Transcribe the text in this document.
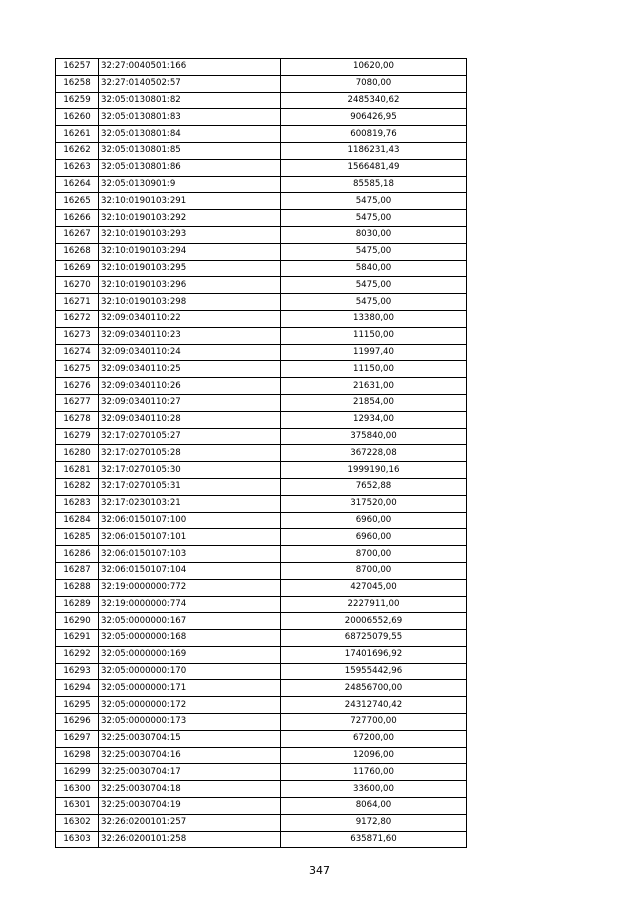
16257	32:27:0040501:166	10620,00
16258	32:27:0140502:57	7080,00
16259	32:05:0130801:82	2485340,62
16260	32:05:0130801:83	906426,95
16261	32:05:0130801:84	600819,76
16262	32:05:0130801:85	1186231,43
16263	32:05:0130801:86	1566481,49
16264	32:05:0130901:9	85585,18
16265	32:10:0190103:291	5475,00
16266	32:10:0190103:292	5475,00
16267	32:10:0190103:293	8030,00
16268	32:10:0190103:294	5475,00
16269	32:10:0190103:295	5840,00
16270	32:10:0190103:296	5475,00
16271	32:10:0190103:298	5475,00
16272	32:09:0340110:22	13380,00
16273	32:09:0340110:23	11150,00
16274	32:09:0340110:24	11997,40
16275	32:09:0340110:25	11150,00
16276	32:09:0340110:26	21631,00
16277	32:09:0340110:27	21854,00
16278	32:09:0340110:28	12934,00
16279	32:17:0270105:27	375840,00
16280	32:17:0270105:28	367228,08
16281	32:17:0270105:30	1999190,16
16282	32:17:0270105:31	7652,88
16283	32:17:0230103:21	317520,00
16284	32:06:0150107:100	6960,00
16285	32:06:0150107:101	6960,00
16286	32:06:0150107:103	8700,00
16287	32:06:0150107:104	8700,00
16288	32:19:0000000:772	427045,00
16289	32:19:0000000:774	2227911,00
16290	32:05:0000000:167	20006552,69
16291	32:05:0000000:168	68725079,55
16292	32:05:0000000:169	17401696,92
16293	32:05:0000000:170	15955442,96
16294	32:05:0000000:171	24856700,00
16295	32:05:0000000:172	24312740,42
16296	32:05:0000000:173	727700,00
16297	32:25:0030704:15	67200,00
16298	32:25:0030704:16	12096,00
16299	32:25:0030704:17	11760,00
16300	32:25:0030704:18	33600,00
16301	32:25:0030704:19	8064,00
16302	32:26:0200101:257	9172,80
16303	32:26:0200101:258	635871,60
347
